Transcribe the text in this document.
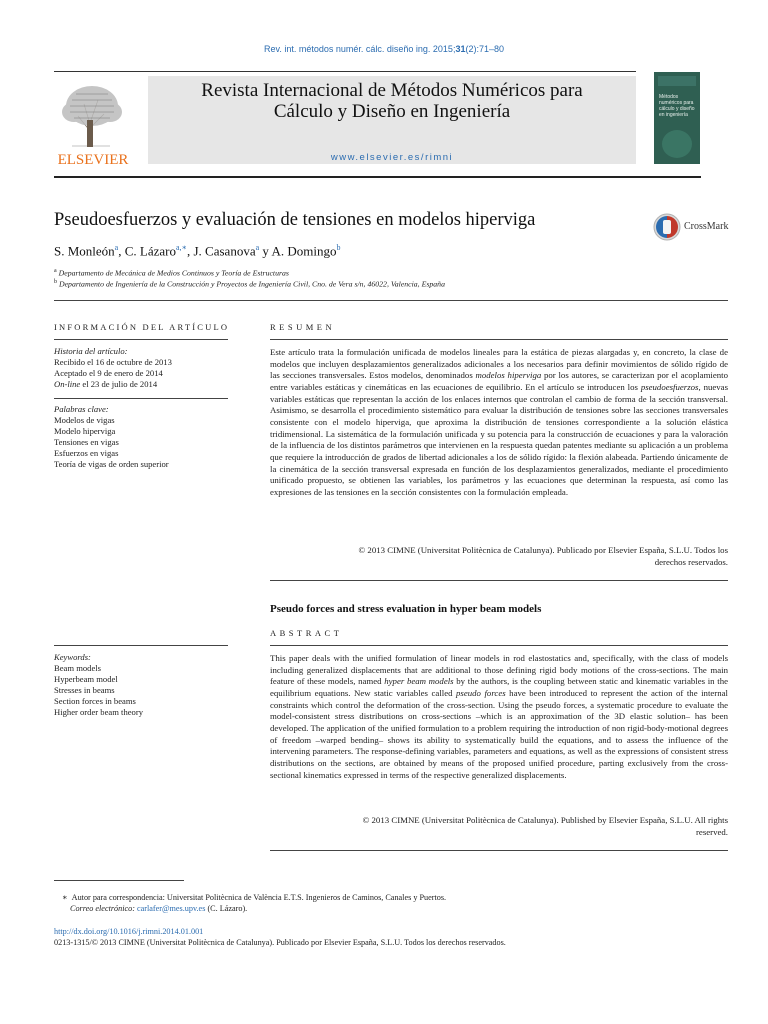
Rev. int. métodos numér. cálc. diseño ing. 2015;31(2):71–80
ELSEVIER
Revista Internacional de Métodos Numéricos para
Cálculo y Diseño en Ingeniería
www.elsevier.es/rimni
Métodos numéricos para cálculo y diseño en ingeniería
Pseudoesfuerzos y evaluación de tensiones en modelos hiperviga	CrossMark
S. Monleón$^a$, C. Lázaro$^{a,∗}$, J. Casanova$^a$ y A. Domingo$^b$
$^a$ Departamento de Mecánica de Medios Continuos y Teoría de Estructuras
$^b$ Departamento de Ingeniería de la Construcción y Proyectos de Ingeniería Civil, Cno. de Vera s/n, 46022, Valencia, España
INFORMACIÓN DEL ARTÍCULO
Historia del artículo:
Recibido el 16 de octubre de 2013
Aceptado el 9 de enero de 2014
On-line el 23 de julio de 2014
Palabras clave:
Modelos de vigas
Modelo hiperviga
Tensiones en vigas
Esfuerzos en vigas
Teoría de vigas de orden superior
RESUMEN
Este artículo trata la formulación unificada de modelos lineales para la estática de piezas alargadas y, en concreto, la clase de modelos que incluyen desplazamientos generalizados adicionales a los necesarios para definir movimientos de sólido rígido de las secciones transversales. Estos modelos, denominados modelos hiperviga por los autores, se caracterizan por el acoplamiento entre variables estáticas y cinemáticas en las ecuaciones de equilibrio. En el artículo se introducen los pseudoesfuerzos, nuevas variables estáticas que representan la acción de los enlaces internos que controlan el cambio de forma de la sección transversal. Asimismo, se desarrolla el procedimiento sistemático para evaluar la distribución de tensiones sobre las secciones transversales consistente con el modelo hiperviga, que aproxima la distribución de tensiones correspondiente a la solución elástica tridimensional. La sistemática de la formulación unificada y su potencia para la construcción de ecuaciones y para la valoración de la influencia de los distintos parámetros que intervienen en la respuesta quedan patentes mediante su aplicación a un problema que requiere la introducción de grados de libertad adicionales a los de sólido rígido: la flexión alabeada. Partiendo únicamente de la cinemática de la sección transversal expresada en función de los desplazamientos generalizados, mediante el procedimiento unificado propuesto, se obtienen las variables, los parámetros y las ecuaciones que determinan la respuesta, así como las expresiones de las tensiones en la sección consistentes con la formulación empleada.
© 2013 CIMNE (Universitat Politècnica de Catalunya). Publicado por Elsevier España, S.L.U. Todos los derechos reservados.
Pseudo forces and stress evaluation in hyper beam models
ABSTRACT
Keywords:
Beam models
Hyperbeam model
Stresses in beams
Section forces in beams
Higher order beam theory
This paper deals with the unified formulation of linear models in rod elastostatics and, specifically, with the class of models including generalized displacements that are additional to those defining rigid body motions of the cross-sections. The main feature of these models, named hyper beam models by the authors, is the coupling between static and kinematic variables in the equilibrium equations. New static variables called pseudo forces have been introduced to represent the action of the internal constraints which control the deformation of the cross-section. Using the pseudo forces, a systematic procedure to evaluate the model-consistent stress distributions on cross-sections –which is an approximation of the 3D elastic solution– has been developed. The application of the unified formulation to a problem requiring the introduction of non rigid-body-motional degrees of freedom –warped bending– shows its ability to systematically build the equations, and to assess the influence of the intervening parameters. The response-defining variables, parameters and equations, as well as the expressions of consistent stress distributions on the sections, are obtained by means of the proposed unified procedure, parting exclusively from the cross-sectional kinematics expressed in terms of the respective generalized displacements.
© 2013 CIMNE (Universitat Politècnica de Catalunya). Published by Elsevier España, S.L.U. All rights reserved.
∗ Autor para correspondencia: Universitat Politècnica de València E.T.S. Ingenieros de Caminos, Canales y Puertos.
Correo electrónico: carlafer@mes.upv.es (C. Lázaro).
http://dx.doi.org/10.1016/j.rimni.2014.01.001
0213-1315/© 2013 CIMNE (Universitat Politècnica de Catalunya). Publicado por Elsevier España, S.L.U. Todos los derechos reservados.
